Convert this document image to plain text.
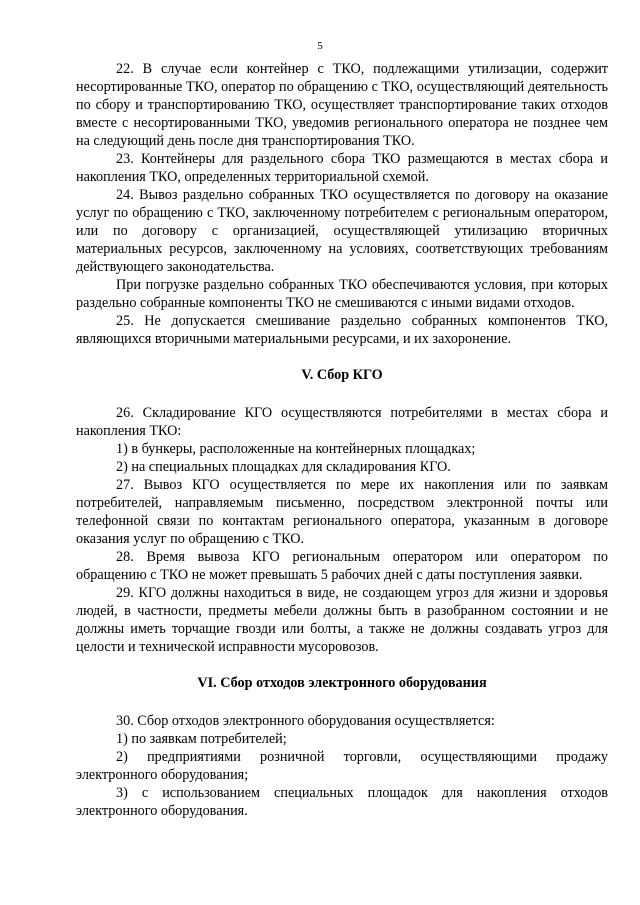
5

22. В случае если контейнер с ТКО, подлежащими утилизации, содержит несортированные ТКО, оператор по обращению с ТКО, осуществляющий деятельность по сбору и транспортированию ТКО, осуществляет транспортирование таких отходов вместе с несортированными ТКО, уведомив регионального оператора не позднее чем на следующий день после дня транспортирования ТКО.

23. Контейнеры для раздельного сбора ТКО размещаются в местах сбора и накопления ТКО, определенных территориальной схемой.

24. Вывоз раздельно собранных ТКО осуществляется по договору на оказание услуг по обращению с ТКО, заключенному потребителем с региональным оператором, или по договору с организацией, осуществляющей утилизацию вторичных материальных ресурсов, заключенному на условиях, соответствующих требованиям действующего законодательства.

При погрузке раздельно собранных ТКО обеспечиваются условия, при которых раздельно собранные компоненты ТКО не смешиваются с иными видами отходов.

25. Не допускается смешивание раздельно собранных компонентов ТКО, являющихся вторичными материальными ресурсами, и их захоронение.

V. Сбор КГО

26. Складирование КГО осуществляются потребителями в местах сбора и накопления ТКО:

1) в бункеры, расположенные на контейнерных площадках;

2) на специальных площадках для складирования КГО.

27. Вывоз КГО осуществляется по мере их накопления или по заявкам потребителей, направляемым письменно, посредством электронной почты или телефонной связи по контактам регионального оператора, указанным в договоре оказания услуг по обращению с ТКО.

28. Время вывоза КГО региональным оператором или оператором по обращению с ТКО не может превышать 5 рабочих дней с даты поступления заявки.

29. КГО должны находиться в виде, не создающем угроз для жизни и здоровья людей, в частности, предметы мебели должны быть в разобранном состоянии и не должны иметь торчащие гвозди или болты, а также не должны создавать угроз для целости и технической исправности мусоровозов.

VI. Сбор отходов электронного оборудования

30. Сбор отходов электронного оборудования осуществляется:

1) по заявкам потребителей;

2) предприятиями розничной торговли, осуществляющими продажу электронного оборудования;

3) с использованием специальных площадок для накопления отходов электронного оборудования.
